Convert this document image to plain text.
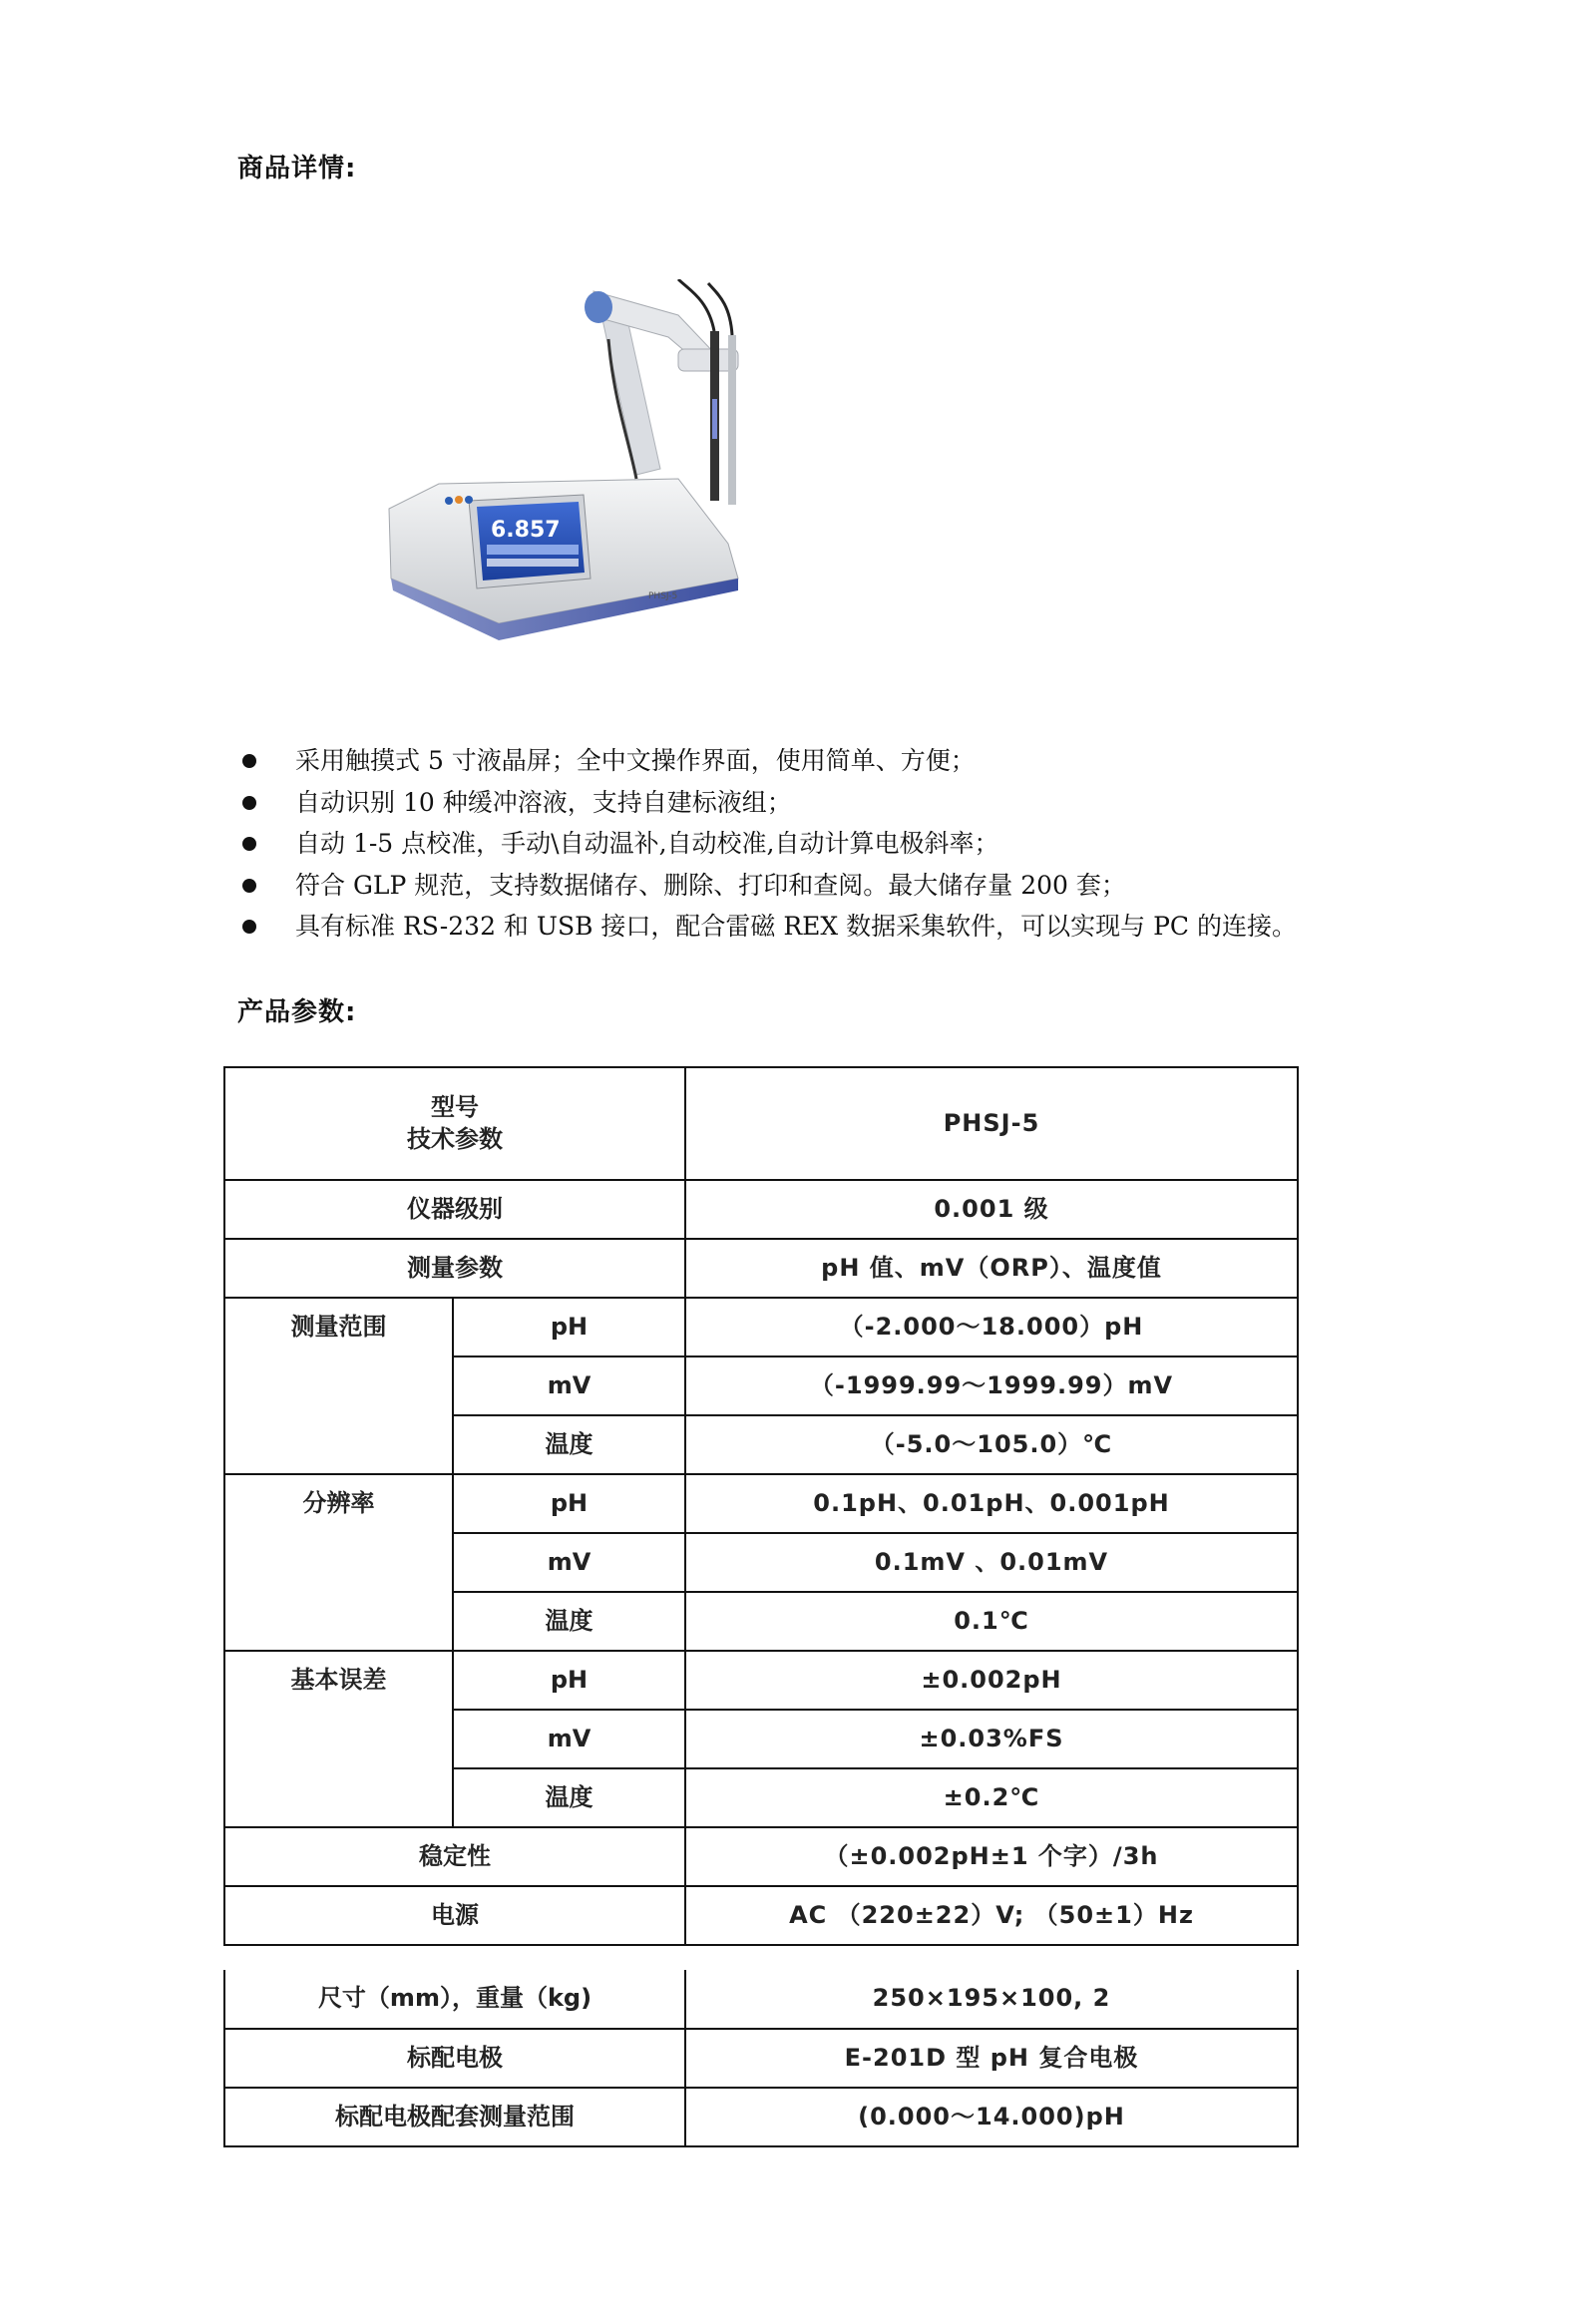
商品详情:
6.857
PHSJ-5
采用触摸式 5 寸液晶屏；全中文操作界面，使用简单、方便；
自动识别 10 种缓冲溶液，支持自建标液组；
自动 1-5 点校准，手动\自动温补,自动校准,自动计算电极斜率；
符合 GLP 规范，支持数据储存、删除、打印和查阅。最大储存量 200 套；
具有标准 RS-232 和 USB 接口，配合雷磁 REX 数据采集软件，可以实现与 PC 的连接。
产品参数:
型号
技术参数		PHSJ-5
仪器级别		0.001 级
测量参数		pH 值、mV（ORP）、温度值
测量范围	pH	（-2.000～18.000）pH
	mV	（-1999.99～1999.99）mV
	温度	（-5.0～105.0）℃
分辨率	pH	0.1pH、0.01pH、0.001pH
	mV	0.1mV 、0.01mV
	温度	0.1℃
基本误差	pH	±0.002pH
	mV	±0.03%FS
	温度	±0.2℃
稳定性		（±0.002pH±1 个字）/3h
电源		AC （220±22）V; （50±1）Hz
尺寸（mm），重量（kg)	250×195×100, 2
标配电极	E-201D 型 pH 复合电极
标配电极配套测量范围	(0.000～14.000)pH
